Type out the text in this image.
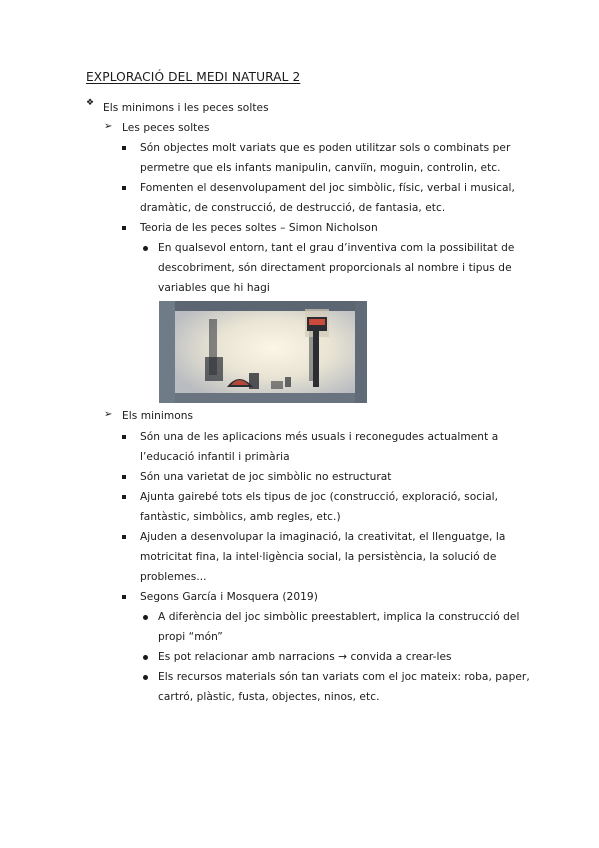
EXPLORACIÓ DEL MEDI NATURAL 2
❖ Els minimons i les peces soltes
➢ Les peces soltes
Són objectes molt variats que es poden utilitzar sols o combinats per
permetre que els infants manipulin, canviïn, moguin, controlin, etc.
Fomenten el desenvolupament del joc simbòlic, físic, verbal i musical,
dramàtic, de construcció, de destrucció, de fantasia, etc.
Teoria de les peces soltes – Simon Nicholson
En qualsevol entorn, tant el grau d’inventiva com la possibilitat de
descobriment, són directament proporcionals al nombre i tipus de
variables que hi hagi
➢ Els minimons
Són una de les aplicacions més usuals i reconegudes actualment a
l’educació infantil i primària
Són una varietat de joc simbòlic no estructurat
Ajunta gairebé tots els tipus de joc (construcció, exploració, social,
fantàstic, simbòlics, amb regles, etc.)
Ajuden a desenvolupar la imaginació, la creativitat, el llenguatge, la
motricitat fina, la intel·ligència social, la persistència, la solució de
problemes...
Segons García i Mosquera (2019)
A diferència del joc simbòlic preestablert, implica la construcció del
propi “món”
Es pot relacionar amb narracions → convida a crear-les
Els recursos materials són tan variats com el joc mateix: roba, paper,
cartró, plàstic, fusta, objectes, ninos, etc.
